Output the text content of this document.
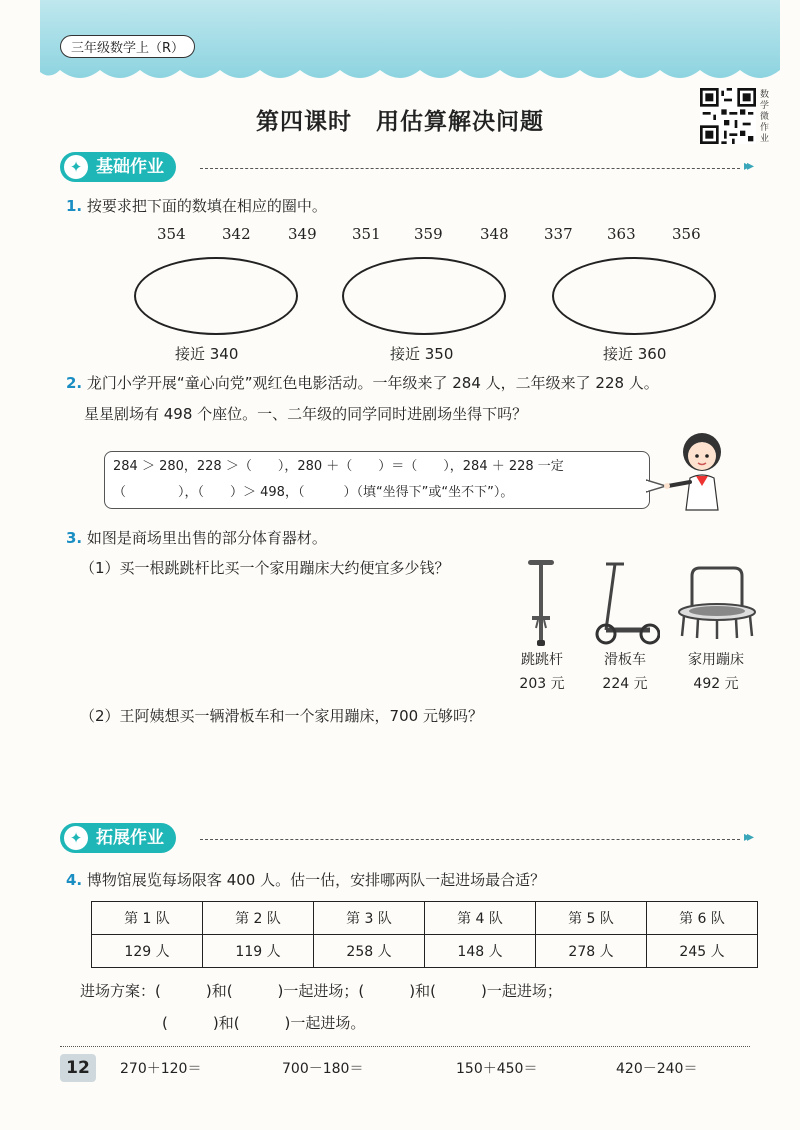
三年级数学上（R）
第四课时　用估算解决问题
数学微作业
✦ 基础作业	▸▸
1. 按要求把下面的数填在相应的圈中。
354 342 349 351 359 348 337 363 356
接近 340	接近 350	接近 360
2. 龙门小学开展“童心向党”观红色电影活动。一年级来了 284 人，二年级来了 228 人。
星星剧场有 498 个座位。一、二年级的同学同时进剧场坐得下吗？
284 ＞ 280，228 ＞（　　），280 ＋（　　）＝（　　），284 ＋ 228 一定
（　　　　），（　　）＞ 498，（　　　）（填“坐得下”或“坐不下”）。
3. 如图是商场里出售的部分体育器材。
（1）买一根跳跳杆比买一个家用蹦床大约便宜多少钱？
跳跳杆
203 元
滑板车
224 元
家用蹦床
492 元
（2）王阿姨想买一辆滑板车和一个家用蹦床，700 元够吗？
✦ 拓展作业	▸▸
4. 博物馆展览每场限客 400 人。估一估，安排哪两队一起进场最合适？
第 1 队	第 2 队	第 3 队	第 4 队	第 5 队	第 6 队
129 人	119 人	258 人	148 人	278 人	245 人
进场方案：(　　　)和(　　　)一起进场；(　　　)和(　　　)一起进场；
(　　　)和(　　　)一起进场。
12	270＋120＝	700－180＝	150＋450＝	420－240＝
